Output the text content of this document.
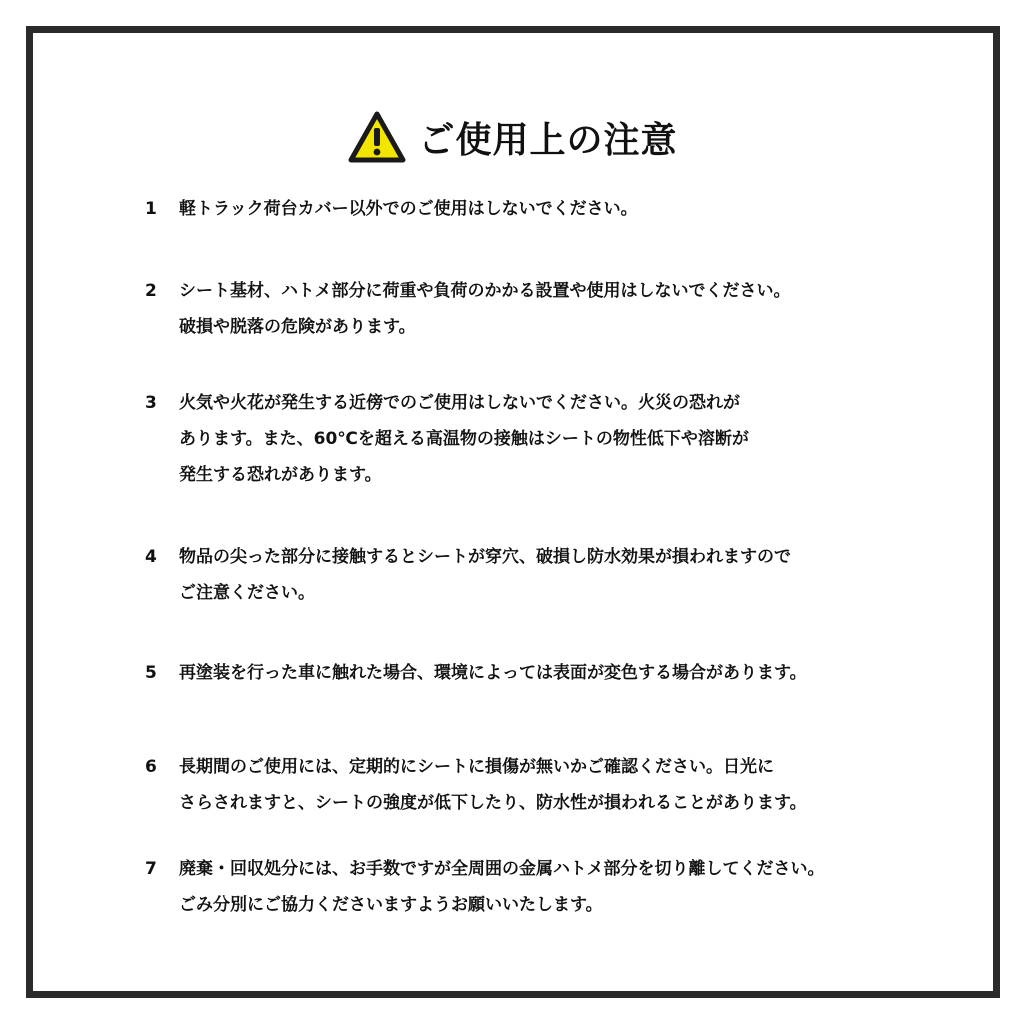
ご使用上の注意
1	軽トラック荷台カバー以外でのご使用はしないでください。
2	シート基材、ハトメ部分に荷重や負荷のかかる設置や使用はしないでください。
破損や脱落の危険があります。
3	火気や火花が発生する近傍でのご使用はしないでください。火災の恐れが
あります。また、60℃を超える高温物の接触はシートの物性低下や溶断が
発生する恐れがあります。
4	物品の尖った部分に接触するとシートが穿穴、破損し防水効果が損われますので
ご注意ください。
5	再塗装を行った車に触れた場合、環境によっては表面が変色する場合があります。
6	長期間のご使用には、定期的にシートに損傷が無いかご確認ください。日光に
さらされますと、シートの強度が低下したり、防水性が損われることがあります。
7	廃棄・回収処分には、お手数ですが全周囲の金属ハトメ部分を切り離してください。
ごみ分別にご協力くださいますようお願いいたします。
